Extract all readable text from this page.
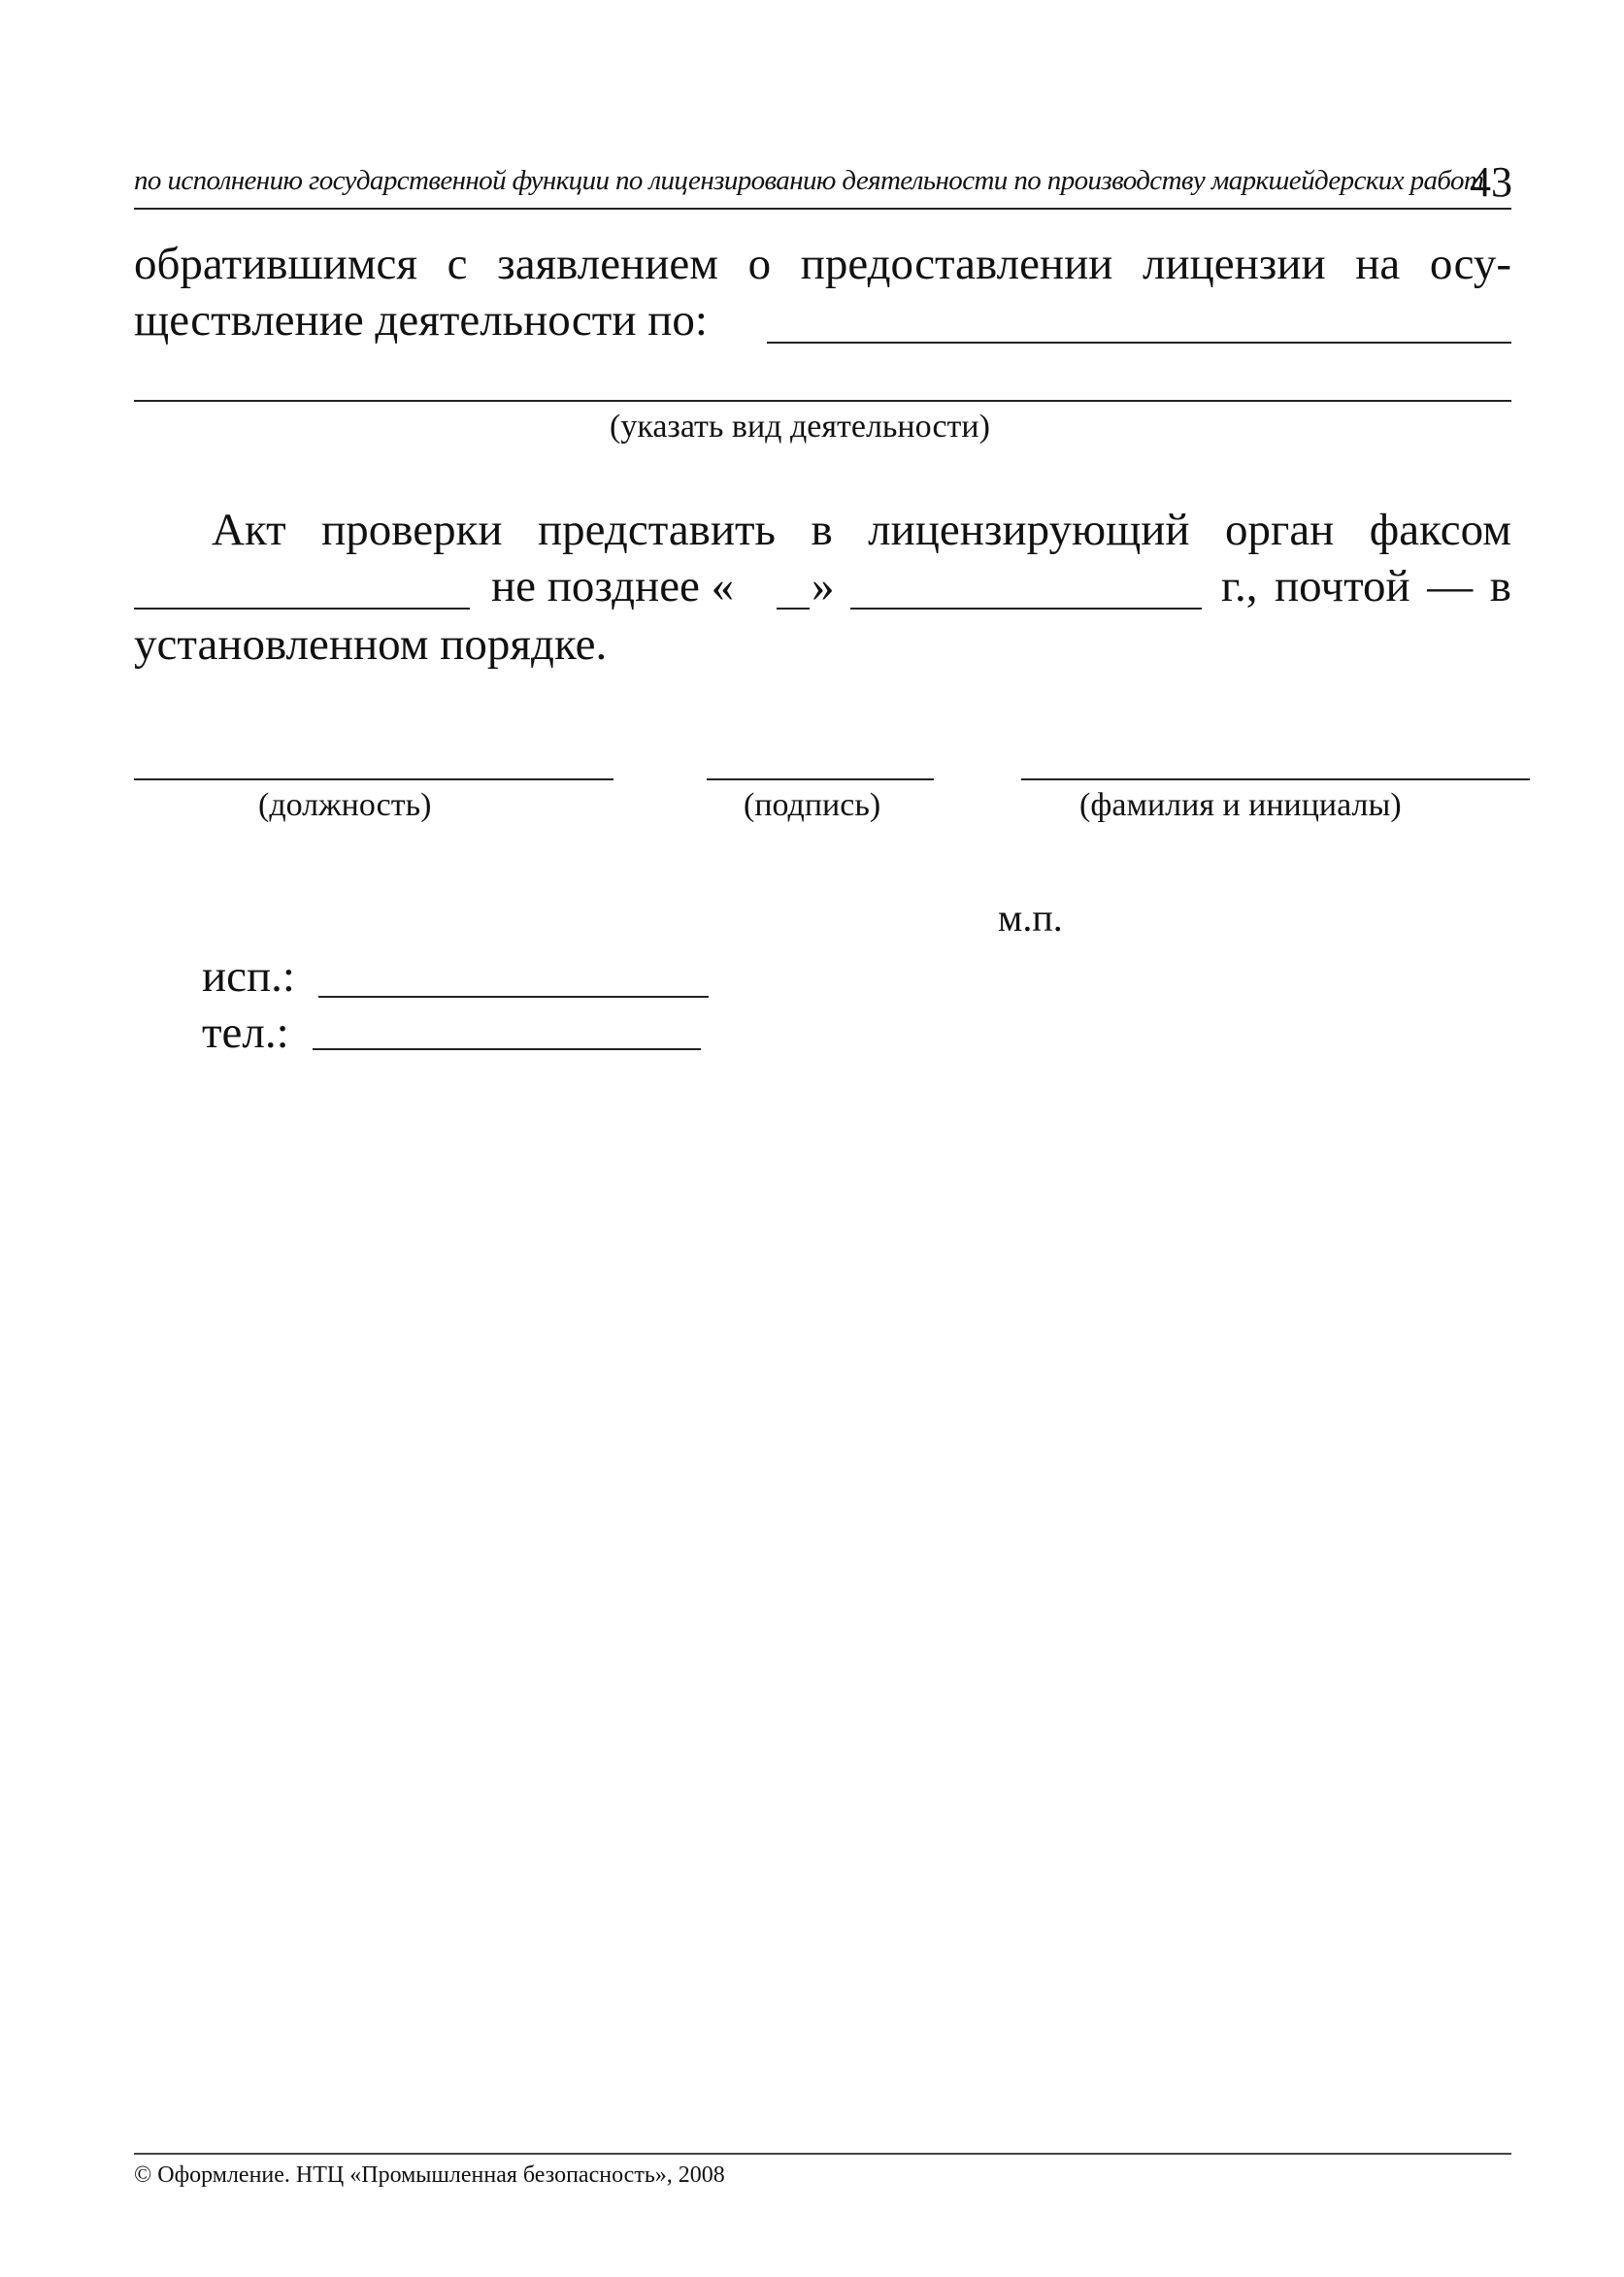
по исполнению государственной функции по лицензированию деятельности по производству маркшейдерских работ
43
обратившимся с заявлением о предоставлении лицензии на осу-
ществление деятельности по:
(указать вид деятельности)
Акт проверки представить в лицензирующий орган факсом
не позднее « »	г., почтой — в
установленном порядке.
(должность)	(подпись)	(фамилия и инициалы)
м.п.
исп.:
тел.:
© Оформление. НТЦ «Промышленная безопасность», 2008
